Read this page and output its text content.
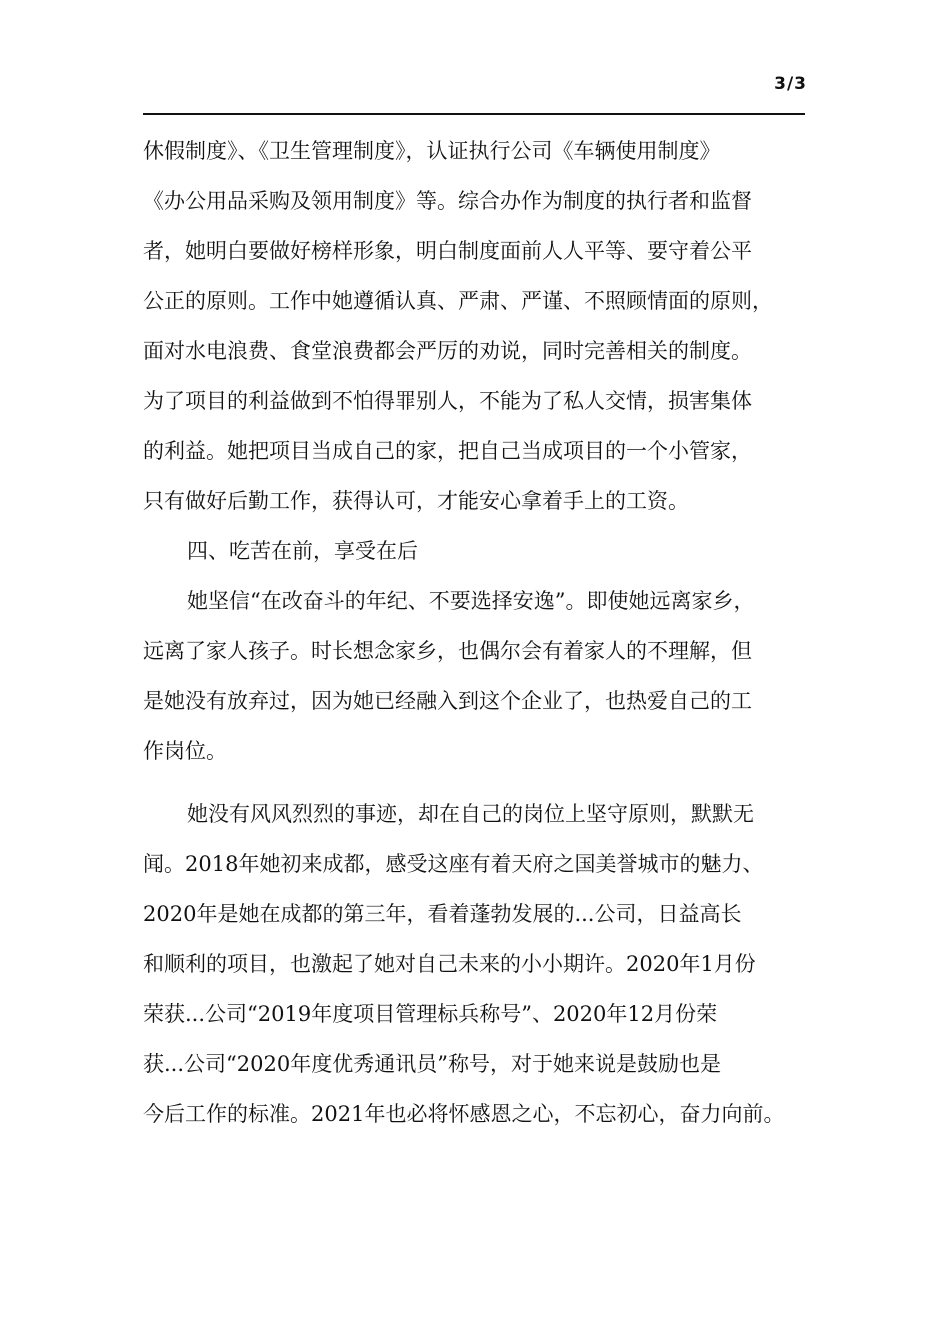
3/3
休假制度》、《卫生管理制度》，认证执行公司《车辆使用制度》
《办公用品采购及领用制度》等。综合办作为制度的执行者和监督
者，她明白要做好榜样形象，明白制度面前人人平等、要守着公平
公正的原则。工作中她遵循认真、严肃、严谨、不照顾情面的原则，
面对水电浪费、食堂浪费都会严厉的劝说，同时完善相关的制度。
为了项目的利益做到不怕得罪别人，不能为了私人交情，损害集体
的利益。她把项目当成自己的家，把自己当成项目的一个小管家，
只有做好后勤工作，获得认可，才能安心拿着手上的工资。
四、吃苦在前，享受在后
她坚信“在改奋斗的年纪、不要选择安逸”。即使她远离家乡，
远离了家人孩子。时长想念家乡，也偶尔会有着家人的不理解，但
是她没有放弃过，因为她已经融入到这个企业了，也热爱自己的工
作岗位。
她没有风风烈烈的事迹，却在自己的岗位上坚守原则，默默无
闻。2018年她初来成都，感受这座有着天府之国美誉城市的魅力、
2020年是她在成都的第三年，看着蓬勃发展的...公司，日益高长
和顺利的项目，也激起了她对自己未来的小小期许。2020年1月份
荣获...公司“2019年度项目管理标兵称号”、2020年12月份荣
获...公司“2020年度优秀通讯员”称号，对于她来说是鼓励也是
今后工作的标准。2021年也必将怀感恩之心，不忘初心，奋力向前。
